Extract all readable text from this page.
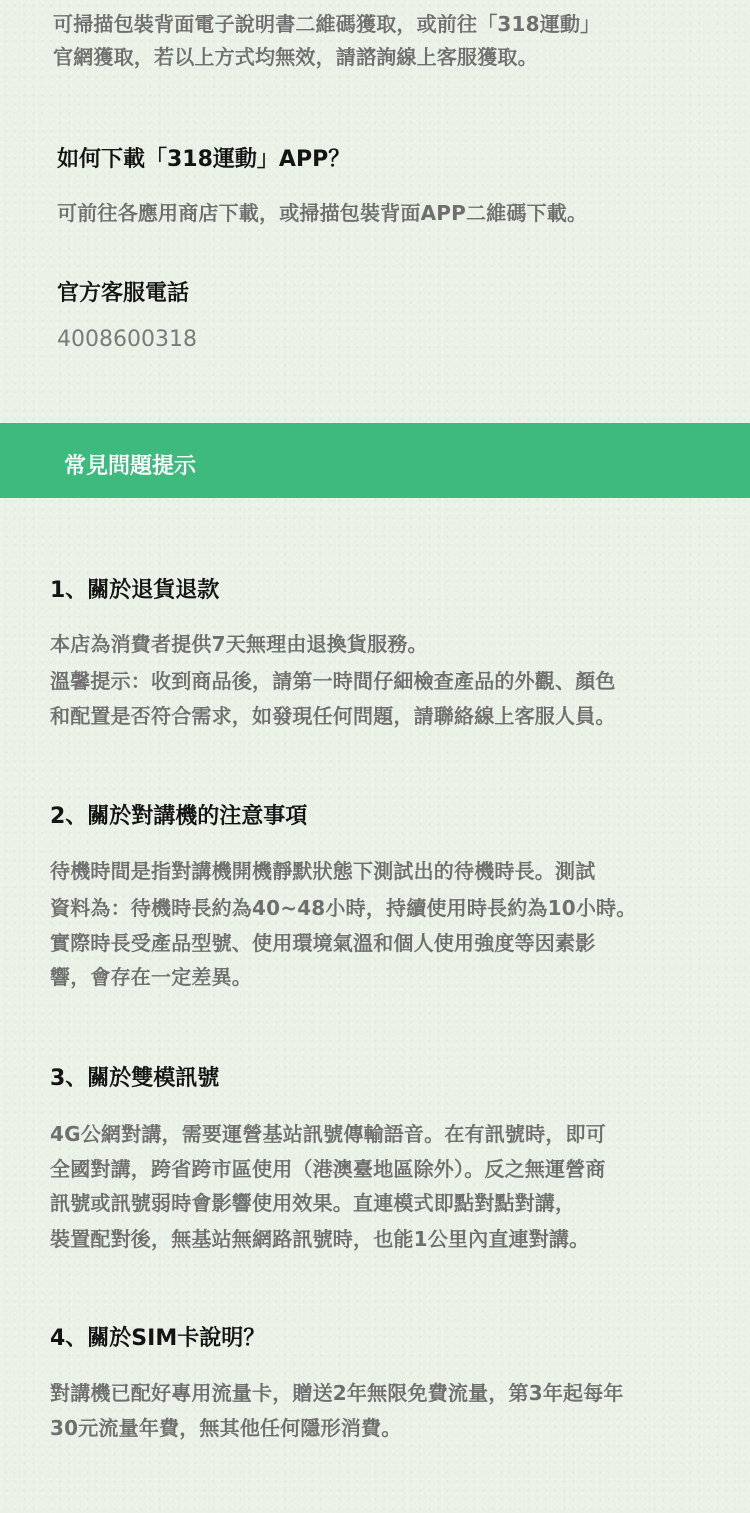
可掃描包裝背面電子說明書二維碼獲取，或前往「318運動」

官網獲取，若以上方式均無效，請諮詢線上客服獲取。

如何下載「318運動」APP？

可前往各應用商店下載，或掃描包裝背面APP二維碼下載。

官方客服電話

4008600318

常見問題提示
1、關於退貨退款

本店為消費者提供7天無理由退換貨服務。

溫馨提示：收到商品後，請第一時間仔細檢查產品的外觀、顏色

和配置是否符合需求，如發現任何問題，請聯絡線上客服人員。

2、關於對講機的注意事項

待機時間是指對講機開機靜默狀態下測試出的待機時長。測試

資料為：待機時長約為40~48小時，持續使用時長約為10小時。

實際時長受產品型號、使用環境氣溫和個人使用強度等因素影

響，會存在一定差異。

3、關於雙模訊號

4G公網對講，需要運營基站訊號傳輸語音。在有訊號時，即可

全國對講，跨省跨市區使用（港澳臺地區除外）。反之無運營商

訊號或訊號弱時會影響使用效果。直連模式即點對點對講，

裝置配對後，無基站無網路訊號時，也能1公里內直連對講。

4、關於SIM卡說明？

對講機已配好專用流量卡，贈送2年無限免費流量，第3年起每年

30元流量年費，無其他任何隱形消費。
